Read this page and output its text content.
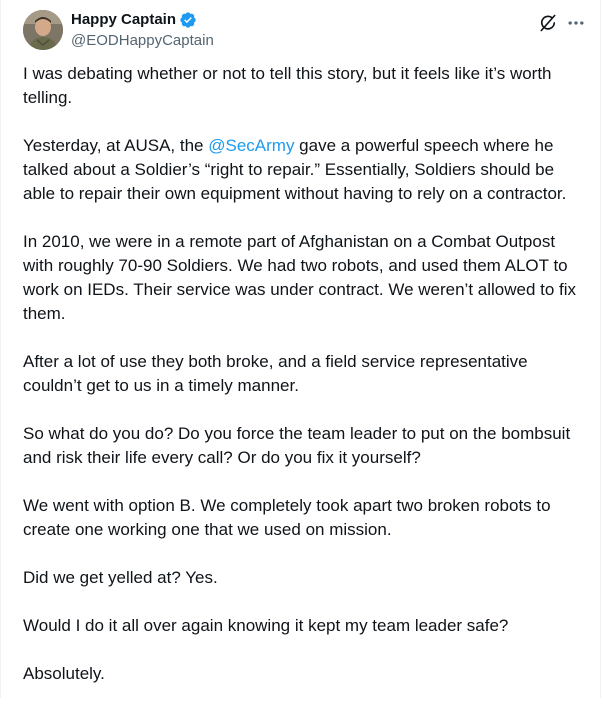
Happy Captain
@EODHappyCaptain

I was debating whether or not to tell this story, but it feels like it’s worth telling.

Yesterday, at AUSA, the @SecArmy gave a powerful speech where he talked about a Soldier’s “right to repair.” Essentially, Soldiers should be able to repair their own equipment without having to rely on a contractor.

In 2010, we were in a remote part of Afghanistan on a Combat Outpost with roughly 70-90 Soldiers. We had two robots, and used them ALOT to work on IEDs. Their service was under contract. We weren’t allowed to fix them.

After a lot of use they both broke, and a field service representative couldn’t get to us in a timely manner.

So what do you do? Do you force the team leader to put on the bombsuit and risk their life every call? Or do you fix it yourself?

We went with option B. We completely took apart two broken robots to create one working one that we used on mission.

Did we get yelled at? Yes.

Would I do it all over again knowing it kept my team leader safe?

Absolutely.
